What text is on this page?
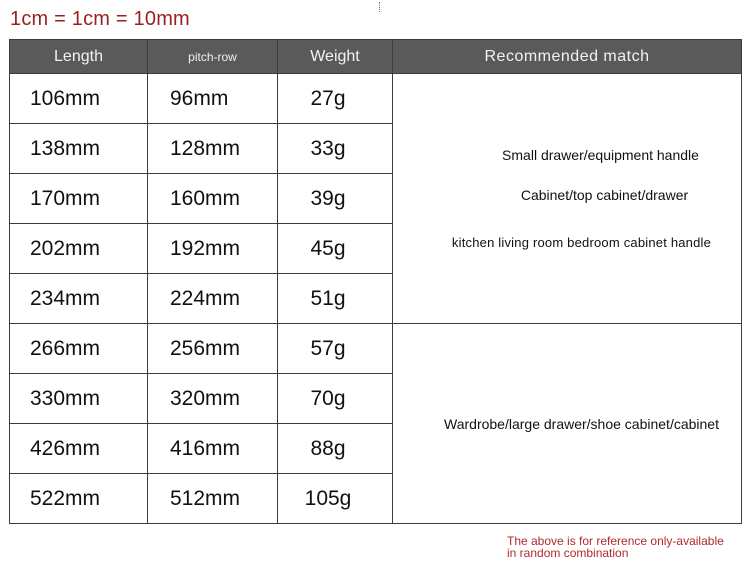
1cm = 1cm = 10mm
Length	pitch-row	Weight	Recommended match
106mm	96mm	27g	Small drawer/equipment handle
Cabinet/top cabinet/drawer
kitchen living room bedroom cabinet handle

138mm	128mm	33g	
170mm	160mm	39g	
202mm	192mm	45g	
234mm	224mm	51g	
266mm	256mm	57g	Wardrobe/large drawer/shoe cabinet/cabinet

330mm	320mm	70g	
426mm	416mm	88g	
522mm	512mm	105g	
The above is for reference only-available
in random combination
